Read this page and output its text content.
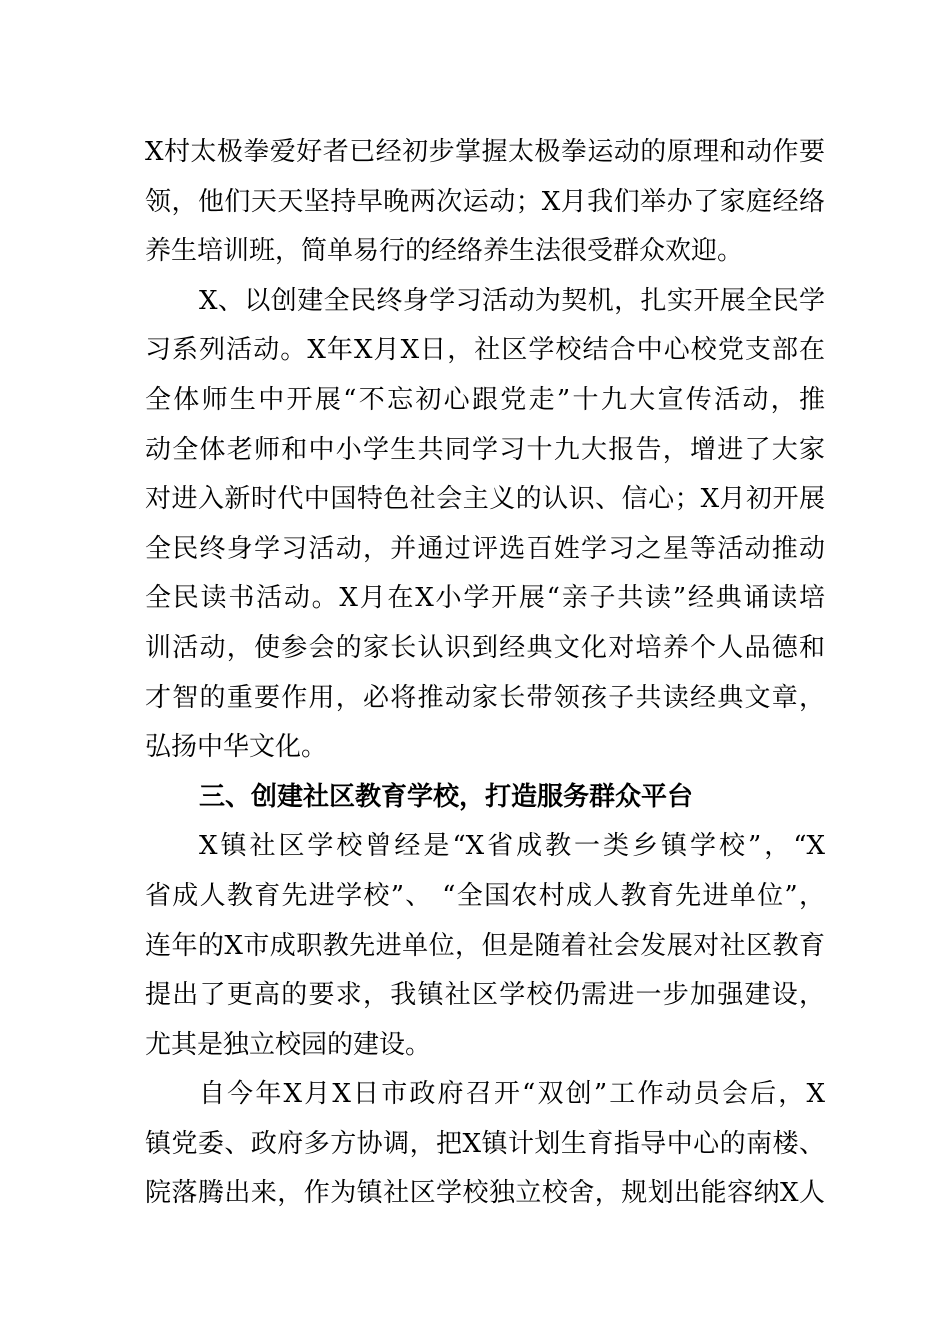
X村太极拳爱好者已经初步掌握太极拳运动的原理和动作要
领，他们天天坚持早晚两次运动；X月我们举办了家庭经络
养生培训班，简单易行的经络养生法很受群众欢迎。
X、以创建全民终身学习活动为契机，扎实开展全民学
习系列活动。X年X月X日，社区学校结合中心校党支部在
全体师生中开展“不忘初心跟党走”十九大宣传活动，推
动全体老师和中小学生共同学习十九大报告，增进了大家
对进入新时代中国特色社会主义的认识、信心；X月初开展
全民终身学习活动，并通过评选百姓学习之星等活动推动
全民读书活动。X月在X小学开展“亲子共读”经典诵读培
训活动，使参会的家长认识到经典文化对培养个人品德和
才智的重要作用，必将推动家长带领孩子共读经典文章，
弘扬中华文化。
三、创建社区教育学校，打造服务群众平台
X镇社区学校曾经是“X省成教一类乡镇学校”，“X
省成人教育先进学校”、 “全国农村成人教育先进单位”，
连年的X市成职教先进单位，但是随着社会发展对社区教育
提出了更高的要求，我镇社区学校仍需进一步加强建设，
尤其是独立校园的建设。
自今年X月X日市政府召开“双创”工作动员会后，X
镇党委、政府多方协调，把X镇计划生育指导中心的南楼、
院落腾出来，作为镇社区学校独立校舍，规划出能容纳X人
